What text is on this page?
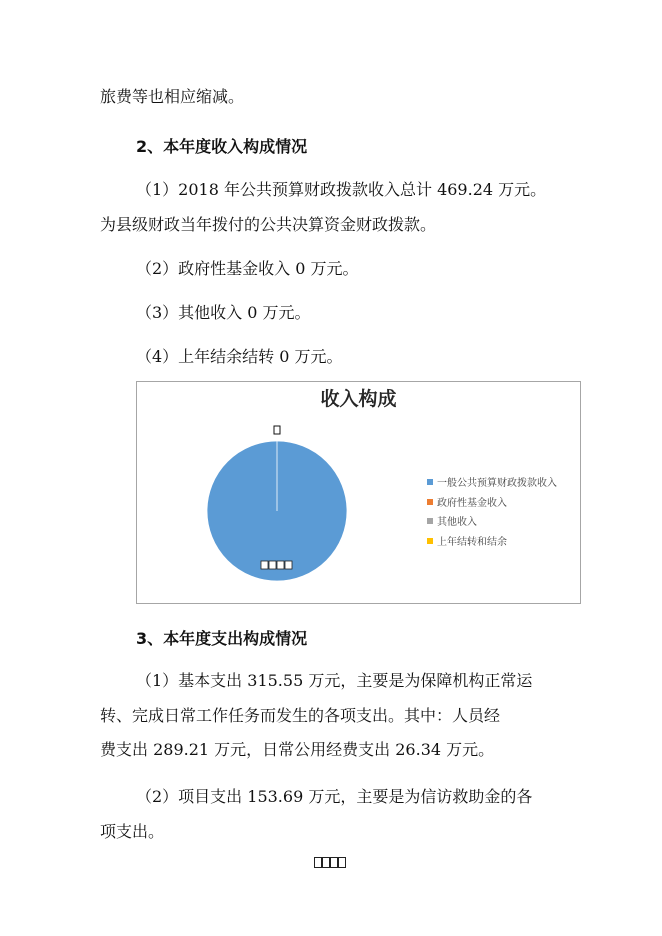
旅费等也相应缩减。
2、本年度收入构成情况
（1）2018 年公共预算财政拨款收入总计 469.24 万元。
为县级财政当年拨付的公共决算资金财政拨款。
（2）政府性基金收入 0 万元。
（3）其他收入 0 万元。
（4）上年结余结转 0 万元。
收入构成
一般公共预算财政拨款收入
政府性基金收入
其他收入
上年结转和结余
3、本年度支出构成情况
（1）基本支出 315.55 万元，主要是为保障机构正常运
转、完成日常工作任务而发生的各项支出。其中：人员经
费支出 289.21 万元，日常公用经费支出 26.34 万元。
（2）项目支出 153.69 万元，主要是为信访救助金的各
项支出。
